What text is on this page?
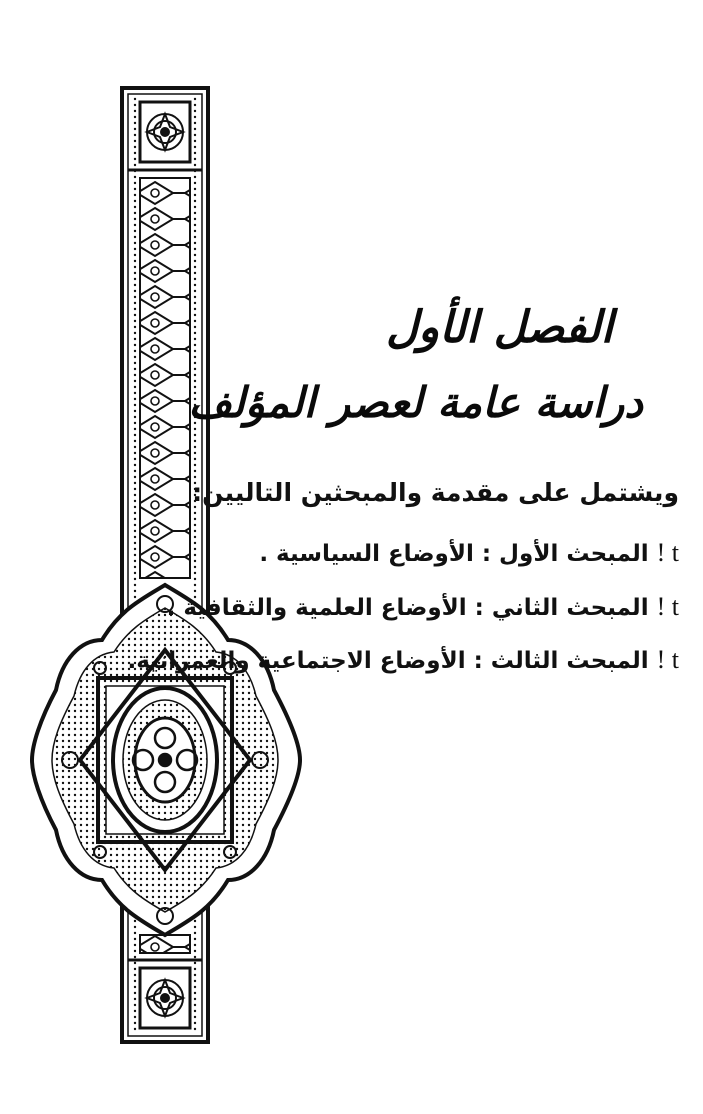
الفصل الأول
دراسة عامة لعصر المؤلف
ويشتمل على مقدمة والمبحثين التاليين:
t !المبحث الأول : الأوضاع السياسية .
t !المبحث الثاني : الأوضاع العلمية والثقافية .
t !المبحث الثالث : الأوضاع الاجتماعية والعمرانية.
